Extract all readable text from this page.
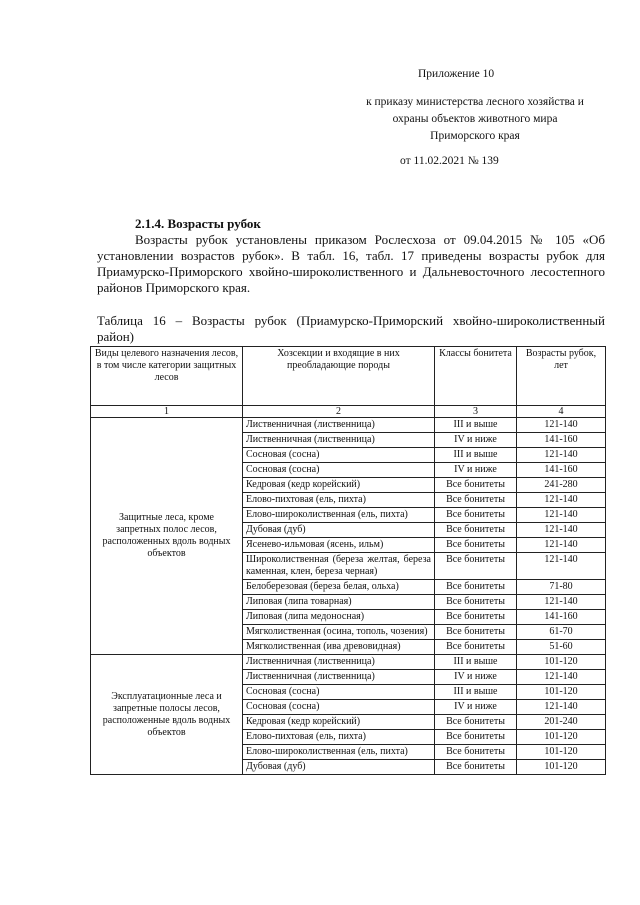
Приложение 10
к приказу министерства лесного хозяйства и
охраны объектов животного мира
Приморского края
от 11.02.2021 № 139
2.1.4. Возрасты рубок
Возрасты рубок установлены приказом Рослесхоза от 09.04.2015 № 105 «Об установлении возрастов рубок». В табл. 16, табл. 17 приведены возрасты рубок для Приамурско-Приморского хвойно-широколиственного и Дальневосточного лесостепного районов Приморского края.
Таблица 16 – Возрасты рубок (Приамурско-Приморский хвойно-широколиственный район)
Виды целевого назначения лесов, в том числе категории защитных лесов	Хозсекции и входящие в них преобладающие породы	Классы бонитета	Возрасты рубок, лет
1	2	3	4
Защитные леса, кроме запретных полос лесов, расположенных вдоль водных объектов	Лиственничная (лиственница)	III и выше	121-140
	Лиственничная (лиственница)	IV и ниже	141-160
	Сосновая (сосна)	III и выше	121-140
	Сосновая (сосна)	IV и ниже	141-160
	Кедровая (кедр корейский)	Все бонитеты	241-280
	Елово-пихтовая (ель, пихта)	Все бонитеты	121-140
	Елово-широколиственная (ель, пихта)	Все бонитеты	121-140
	Дубовая (дуб)	Все бонитеты	121-140
	Ясеневo-ильмовая (ясень, ильм)	Все бонитеты	121-140
	Широколиственная (береза желтая, береза каменная, клен, береза черная)	Все бонитеты	121-140
	Белоберезовая (береза белая, ольха)	Все бонитеты	71-80
	Липовая (липа товарная)	Все бонитеты	121-140
	Липовая (липа медоносная)	Все бонитеты	141-160
	Мягколиственная (осина, тополь, чозения)	Все бонитеты	61-70
	Мягколиственная (ива древовидная)	Все бонитеты	51-60
Эксплуатационные леса и запретные полосы лесов, расположенные вдоль водных объектов	Лиственничная (лиственница)	III и выше	101-120
	Лиственничная (лиственница)	IV и ниже	121-140
	Сосновая (сосна)	III и выше	101-120
	Сосновая (сосна)	IV и ниже	121-140
	Кедровая (кедр корейский)	Все бонитеты	201-240
	Елово-пихтовая (ель, пихта)	Все бонитеты	101-120
	Елово-широколиственная (ель, пихта)	Все бонитеты	101-120
	Дубовая (дуб)	Все бонитеты	101-120
